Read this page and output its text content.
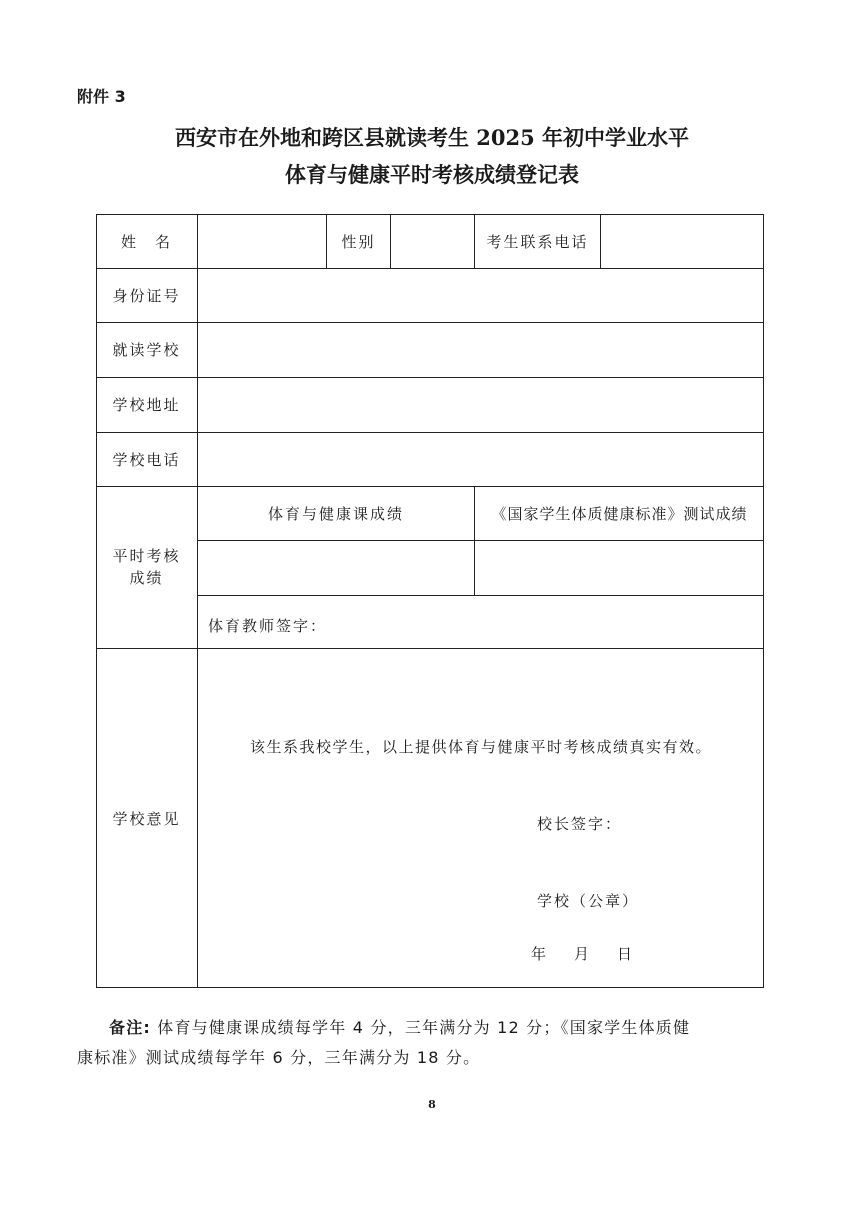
附件 3
西安市在外地和跨区县就读考生 2025 年初中学业水平
体育与健康平时考核成绩登记表
姓　名	性别	考生联系电话
身份证号
就读学校
学校地址
学校电话
平时考核
成绩
体育与健康课成绩	《国家学生体质健康标准》测试成绩
体育教师签字：
学校意见
该生系我校学生，以上提供体育与健康平时考核成绩真实有效。
校长签字：
学校（公章）
年 月 日
备注: 体育与健康课成绩每学年 4 分，三年满分为 12 分；《国家学生体质健
康标准》测试成绩每学年 6 分，三年满分为 18 分。
8
